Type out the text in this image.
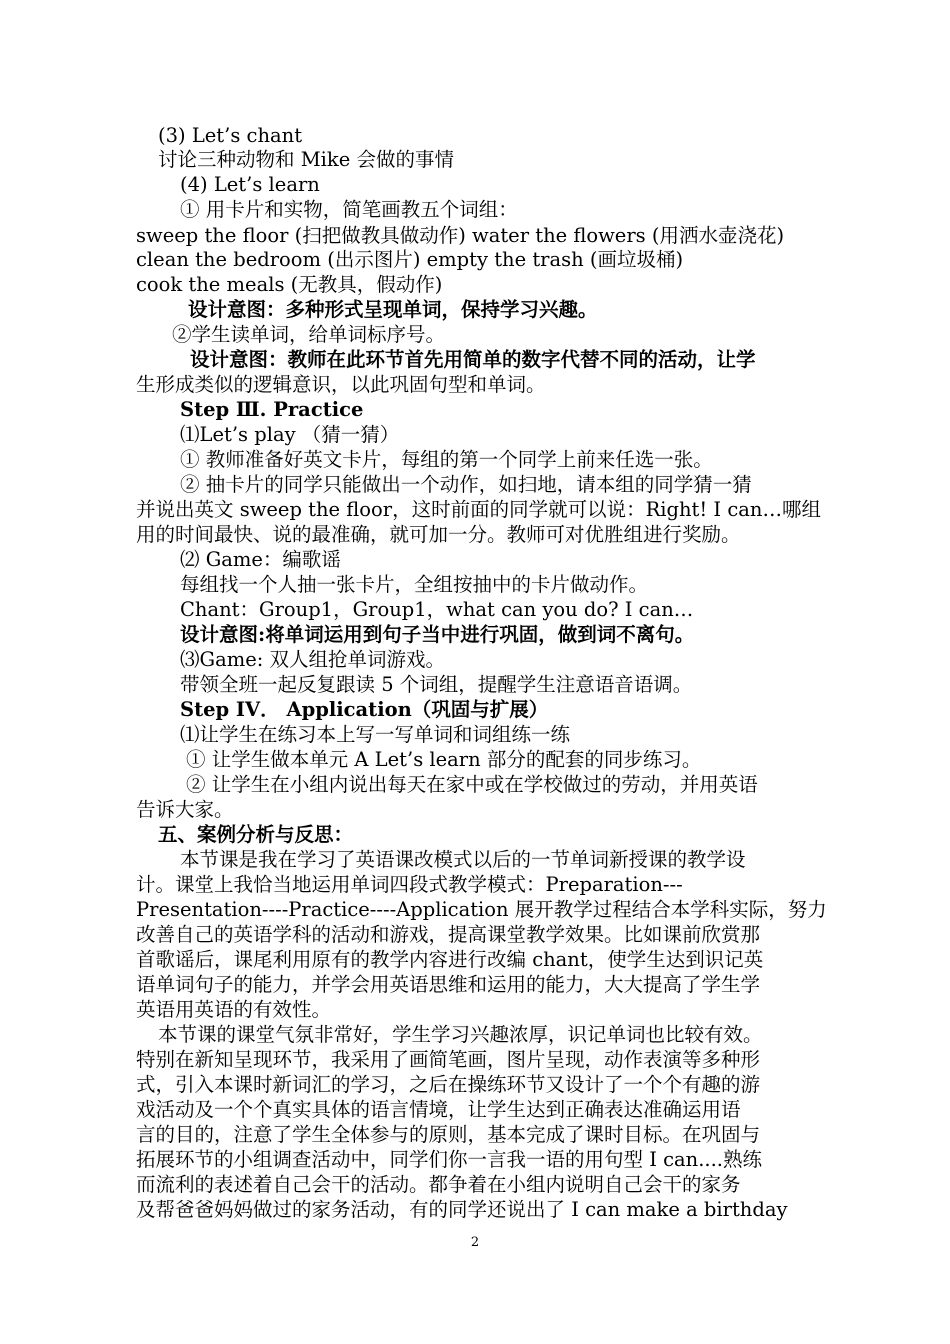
(3) Let’s chant
讨论三种动物和 Mike 会做的事情
(4) Let’s learn
① 用卡片和实物，简笔画教五个词组：
sweep the floor (扫把做教具做动作) water the flowers (用洒水壶浇花)
clean the bedroom (出示图片) empty the trash (画垃圾桶)
cook the meals (无教具，假动作)
设计意图：多种形式呈现单词，保持学习兴趣。
②学生读单词，给单词标序号。
设计意图：教师在此环节首先用简单的数字代替不同的活动，让学
生形成类似的逻辑意识，以此巩固句型和单词。
Step Ⅲ. Practice
⑴Let’s play （猜一猜）
① 教师准备好英文卡片，每组的第一个同学上前来任选一张。
② 抽卡片的同学只能做出一个动作，如扫地，请本组的同学猜一猜
并说出英文 sweep the floor，这时前面的同学就可以说：Right! I can…哪组
用的时间最快、说的最准确，就可加一分。教师可对优胜组进行奖励。
⑵ Game：编歌谣
每组找一个人抽一张卡片，全组按抽中的卡片做动作。
Chant：Group1，Group1，what can you do? I can…
设计意图:将单词运用到句子当中进行巩固，做到词不离句。
⑶Game: 双人组抢单词游戏。
带领全班一起反复跟读 5 个词组，提醒学生注意语音语调。
Step IV． Application（巩固与扩展）
⑴让学生在练习本上写一写单词和词组练一练
① 让学生做本单元 A Let’s learn 部分的配套的同步练习。
② 让学生在小组内说出每天在家中或在学校做过的劳动，并用英语
告诉大家。
五、案例分析与反思：
本节课是我在学习了英语课改模式以后的一节单词新授课的教学设
计。课堂上我恰当地运用单词四段式教学模式：Preparation---
Presentation----Practice----Application 展开教学过程结合本学科实际，努力
改善自己的英语学科的活动和游戏，提高课堂教学效果。比如课前欣赏那
首歌谣后，课尾利用原有的教学内容进行改编 chant，使学生达到识记英
语单词句子的能力，并学会用英语思维和运用的能力，大大提高了学生学
英语用英语的有效性。
本节课的课堂气氛非常好，学生学习兴趣浓厚，识记单词也比较有效。
特别在新知呈现环节，我采用了画简笔画，图片呈现，动作表演等多种形
式，引入本课时新词汇的学习，之后在操练环节又设计了一个个有趣的游
戏活动及一个个真实具体的语言情境，让学生达到正确表达准确运用语
言的目的，注意了学生全体参与的原则，基本完成了课时目标。在巩固与
拓展环节的小组调查活动中，同学们你一言我一语的用句型 I can....熟练
而流利的表述着自己会干的活动。都争着在小组内说明自己会干的家务
及帮爸爸妈妈做过的家务活动，有的同学还说出了 I can make a birthday
2
